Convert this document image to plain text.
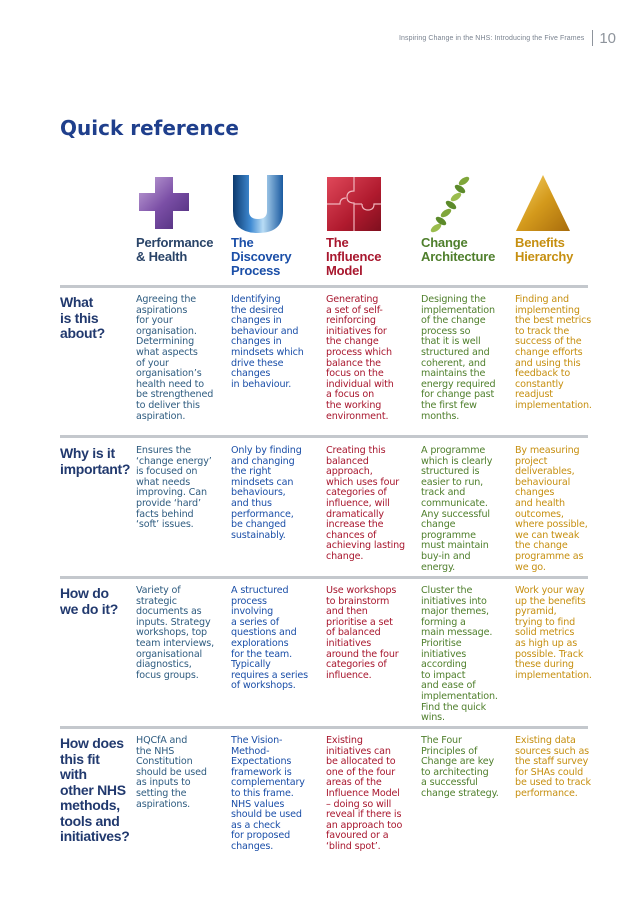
Inspiring Change in the NHS: Introducing the Five Frames 10
Quick reference
Performance
& Health
The
Discovery
Process
The
Influence
Model
Change
Architecture
Benefits
Hierarchy
What
is this
about?
Agreeing the
aspirations
for your
organisation.
Determining
what aspects
of your
organisation’s
health need to
be strengthened
to deliver this
aspiration.
Identifying
the desired
changes in
behaviour and
changes in
mindsets which
drive these
changes
in behaviour.
Generating
a set of self-
reinforcing
initiatives for
the change
process which
balance the
focus on the
individual with
a focus on
the working
environment.
Designing the
implementation
of the change
process so
that it is well
structured and
coherent, and
maintains the
energy required
for change past
the first few
months.
Finding and
implementing
the best metrics
to track the
success of the
change efforts
and using this
feedback to
constantly
readjust
implementation.
Why is it
important?
Ensures the
‘change energy’
is focused on
what needs
improving. Can
provide ‘hard’
facts behind
‘soft’ issues.
Only by finding
and changing
the right
mindsets can
behaviours,
and thus
performance,
be changed
sustainably.
Creating this
balanced
approach,
which uses four
categories of
influence, will
dramatically
increase the
chances of
achieving lasting
change.
A programme
which is clearly
structured is
easier to run,
track and
communicate.
Any successful
change
programme
must maintain
buy-in and
energy.
By measuring
project
deliverables,
behavioural
changes
and health
outcomes,
where possible,
we can tweak
the change
programme as
we go.
How do
we do it?
Variety of
strategic
documents as
inputs. Strategy
workshops, top
team interviews,
organisational
diagnostics,
focus groups.
A structured
process
involving
a series of
questions and
explorations
for the team.
Typically
requires a series
of workshops.
Use workshops
to brainstorm
and then
prioritise a set
of balanced
initiatives
around the four
categories of
influence.
Cluster the
initiatives into
major themes,
forming a
main message.
Prioritise
initiatives
according
to impact
and ease of
implementation.
Find the quick
wins.
Work your way
up the benefits
pyramid,
trying to find
solid metrics
as high up as
possible. Track
these during
implementation.
How does
this fit with
other NHS
methods,
tools and
initiatives?
HQCfA and
the NHS
Constitution
should be used
as inputs to
setting the
aspirations.
The Vision-
Method-
Expectations
framework is
complementary
to this frame.
NHS values
should be used
as a check
for proposed
changes.
Existing
initiatives can
be allocated to
one of the four
areas of the
Influence Model
– doing so will
reveal if there is
an approach too
favoured or a
‘blind spot’.
The Four
Principles of
Change are key
to architecting
a successful
change strategy.
Existing data
sources such as
the staff survey
for SHAs could
be used to track
performance.
